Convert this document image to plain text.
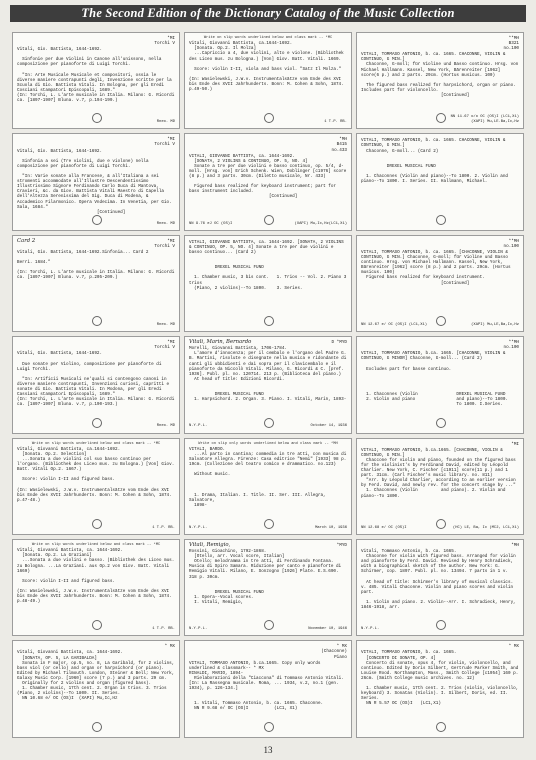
The Second Edition of the Dictionary Catalog of the Music Collection
*MI
Torchi V
Vitali, Gio. Battista, 1644-1692.

Sinfonie per due Violini in Canone all'unissono, nella composizione per pianoforte di Luigi Torchi.

"In: Arte Musicale Musicale et compositori, ossia le diverse maniere contrapunti degli, Invenzione scritte per la Scuola di Gio. Battista Vitali. In Bologna, per gli Eredi Cosciani stampatori Episcopali, 1689."
(In: Torchi, L. L'arte musicale in Italia. Milano: G. Ricordi ca. [1897-1907] Bluna. v.7, p.194-199.)
Rneo. MD
Write on slip words underlined below and class mark -- *MC
Vitali, Giovanni Battista, ca.1644-1692.
[Sonata. Op.2. Il Molza]
...Capriccio a 4, due violini, alto e violone. (Bibliothek des Liceo mus. zu Bologna.) [Von] Giov. Batt. Vitali. 1669.

Score: violin I-II, viola and bass viol. "Satz Il Molza."

(In: Wasielewski, J.W.v. Instrumentalsätze vom Ende des XVI bis Ende des XVII Jahrhunderts. Bonn: M. Cohen & Sohn, 1874. p.49-50.)
1 T.P. RB.
**MH
B321
no.100
VITALI, TOMMASO ANTONIO, b. ca. 1665. CHACONNE, VIOLIN & CONTINUO, G MIN.]
Chaconne, G-moll; für Violine und Basso continuo. Hrsg. von Michael Hallmann. Kassel, New York, Bärenreiter [1962] score(6 p.) and 2 parts. 29cm. (Hortus musicus. 100)

The figured bass realized for harpsichord, organ or piano. Includes part for violoncello.
[Continued]
NN 11.67 o/o OC (OS)I (LC1,X1)
(XAPI) Mu,LE.Ba,Ic,Hz
*MI
Torchi V
Vitali, Gio. Battista, 1644-1692.

Sinfonia a sei (Tre violini, due e violone) nella composizione per pianoforte di Luigi Torchi.

"In: Varie sonate alla Francese, & all'Italiana a sei stromenti accommodate all'Illustre Descendentissimo Illustrissimo Signore Ferdinando Carlo Duca di Mantova, Cravieri, &c. da Giov. Battista Vitali Maestro di Capella dell'Altezza Serenissima del Sig. Duca di Modena, & Accademico Filarmonico. Opera Vndecima. In Venetia, per Gio. Sala, 1684."
[Continued]
Rneo. MD
*MH
B415
no.433
VITALI, GIOVANNI BATTISTA, ca. 1644-1692.
[SONATA, 2 VIOLINS & CONTINUO, OP. 5, NO. 4]
Sonate a tre per due violini e basso continuo, op. 5/4, d-moll. [Hrsg. von] Erich Schenk. Wien, Doblinger [c1976] score (8 p.) and 3 parts. 30cm. (Diletto musicale, Nr. 433)

Figured bass realized for keyboard instrument; part for bass instrument included.
[Continued]
NN 9.76 eJ OC (OS)I	(XAPI) Mu,Ic,Hz(LC1,X1)
VITALI, TOMMASO ANTONIO, b. ca. 1665. CHACONNE, VIOLIN & CONTINUO, G MIN.]
Chaconne, G-moll... (Card 2)

DREXEL MUSICAL FUND

1. Chaconnes (Violin and piano)--To 1800. 2. Violin and piano--To 1800. I. Series. II. Hallmann, Michael.
Card 2	*MI
Torchi V
Vitali, Gio. Battista, 1644-1692.Sinfonia... Card 2

Berri. 1684."

(In: Torchi, L. L'arte musicale in Italia. Milano: G. Ricordi ca. [1897-1907] Bluna. v.7, p.205-209.)
Rneo. MD
VITALI, GIOVANNI BATTISTA, ca. 1644-1692. [SONATA, 2 VIOLINS & CONTINUO, OP. 5, NO. 4] Sonate a tre per due violini e basso continuo... (Card 2)

DREXEL MUSICAL FUND

1. Chamber music, 3 bis cont.   1. Trios -- Vol. 2. Piano 3 trios
(Piano, 2 violins)--To 1800.    3. Series.
**MH
no.100
VITALI, TOMMASO ANTONIO, b. ca. 1665. [CHACONNE, VIOLIN & CONTINUO, G MIN.] Chaconne, G-moll; für Violine und Basso continuo. Hrsg. von Michael Hallmann. Kassel, New York, Bärenreiter [1962] score (8 p.) and 2 parts. 29cm. (Hortus musicus. 100)
Figured bass realized for keyboard instrument.
[Continued]
NN 12.67 e/ OC (OS)I (LC1,X1)	(XAPI) Mu,LE,Ba,Ic,Hz
*MI
Torchi V
Vitali, Gio. Battista, 1644-1692.

Due sonate per Violino, composizione per pianoforte di Luigi Torchi.

"In: Artificii Musicali ne'quali si contengono canoni in diverse maniere contrapunti, Invenzioni curiosi, capritti e sonate di Gio. Battista Vitali. In Modona, per gli Eredi Cassiani stampatori Episcopali, 1689."
(In: Torchi, L. L'arte musicale in Italia. Milano: G. Ricordi ca. [1897-1907] Bluna. v.7, p.190-193.)
Rneo. MD
Vitali, Marin, Bernardo	D *MYD
Morelli, Giovanni Battista, 1706-1784.
L'amore d'innocenza; per il cembalo e l'organo del Padre G. B. Martini, risolute e disegnate nella musica e ridondante di canti gli ubbidienti e dai sopra per il clavicembalo e il pianoforte da Niccolò Vitali. Milano, G. Ricordi & C. [pref. 1936]. Publ. pl. no. 120714. 213 p. (Biblioteca del piano.)
At head of title: Edizioni Ricordi.

DREXEL MUSICAL FUND
1. Harpsichord. 2. Organ. 3. Piano. I. Vitali, Marin, 1893-
N.Y.P.L.	October 14, 1936
**MH
no.100
VITALI, TOMMASO ANTONIO, b.ca. 1665. [CHACONNE, VIOLIN & CONTINUO, G MINOR] Chaconne, G-moll... (Card 2)

Excludes part for basse continuo.

1. Chaconnes (Violin               DREXEL MUSICAL FUND
2. Violin and piano                and piano)--To 1800.
To 1800. I.Series.
Write on slip words underlined below and class mark -- *MC
Vitali, Giovanni Battista, ca.1644-1692.
[Sonata. Op.2. Selection]
...Sonata a due violini col suo basso continuo per l'organo. (Bibliothek des Liceo mus. zu Bologna.) [Von] Giov. Batt. Vitali Op.2. 1667.)

Score: violin I-II and figured bass.

(In: Wasielewski, J.W.v. Instrumentalsätze vom Ende des XVI bis Ende des XVII Jahrhunderts. Bonn: M. Cohen & Sohn, 1874. p.47-48.)
1 T.P. RB.
Write on slip only words underlined below and class mark -- *MH
VITALI, BARDO.
...Al parto in cantina; commedia in tre atti, con musica di Salvatore Allegra. Firenze: Casa editrice "Nemi" [1933] 98 p. 19cm. (Collezione del teatro comico e drammatico. no.123)

Without music.

1. Drama, Italian. I. Title. II. Ser. III. Allegra, Salvatore,
1898-
N.Y.P.L.	March 10, 1936
*MI
VITALI, TOMMASO ANTONIO, b.ca.1665. [CHACONNE, VIOLIN & CONTINUO, G MIN.]
Chaccone for violin and piano, founded on the figured bass for the violinist's by Ferdinand David, edited by Léopold Charlier. New York, C. Fischer [c1911] score(11 p.) and 1 part. 31cm. (Carl Fischer's music library. no. 811)
"Arr. by Léopold Charlier, according to an earlier version by Ferd. David, and newly rev. for the concert stage by ..."
1. Chaconnes (Violin         and piano). 2. Violin and piano--To 1800.
NN 12.68 e/ OC (OS)I	(HC) LE, Ba, Ic (MC2, LC1,X1)
Write on slip words underlined below and class mark -- *MC
Vitali, Giovanni Battista, ca. 1644-1692.
[Sonata. Op.2. La Graziani]
...Sonata a due violini e basso. (Bibliothek des Liceo mus. zu Bologna. ...La Graziani. aus Op.2 von Giov. Batt. Vitali 1669)

Score: violin I-II and figured bass.

(In: Wasielewski, J.W.v. Instrumentalsätze vom Ende des XVI bis Ende des XVII Jahrhunderts. Bonn: M. Cohen & Sohn, 1874. p.48-49.)
1 T.P. RB.
Vitali, Remigio,	*MYD
Rossini, Gioachino, 1792-1868.
[Otello, arr. Vocal score, Italian]
Otello; melodramma in tre atti, di Ferdinando Fontana. Musica di Spiro Samara. Riduzione per canto e pianoforte di Remigio Vitali. Milano, E. Sonzogno [1926] Plate. E.S.690. 318 p. 30cm.

DREXEL MUSICAL FUND
1. Opera--Vocal scores.
I. Vitali, Remigio,
N.Y.P.L.	November 10, 1946
*MH
Vitali, Tommaso Antonio, b. ca. 1665.
Chaconne for violin with figured bass. Arranged for violin and pianoforte by Ferd. David. Revised by Henry Schradieck, with a biographical sketch of the author. New York: G. Schirmer, cop. 1897. Publ. pl. no. 13494. 7 parts in 1 v.

At head of title: Schirmer's library of musical classics. v. 485. Vitali Chaconne. Violin and piano scores and violin part.

1. Violin and piano. 2. Violin--Arr. I. Schradieck, Henry, 1846-1918, arr.
N.Y.P.L.
* MX
Vitali, Giovanni Battista, ca. 1644-1692.
[SONATA, OP. 5, LA GARIBALDA]
Sonata in F major, op.5, no. 8, La Garibald, for 2 violins, bass viol (or cello) and organ or harpsichord (or piano). Edited by Michael Tilmouth. London, Steiner & Bell; New York, Galaxy Music Corp. [1960] score (7 p.) and 3 parts. 29 cm.
Originally for 2 violins and organ (figured bass).
1. Chamber music, 17th cent. 2. Organ in trios. 3. Trios (Piano, 2 violins)--To 1800. II. Series.
NN 10.68 e/ OC (OS)I  (XAPI) Mu,Ic,Hz
* MX
(Chaconne)
Piano
VITALI, TOMMASO ANTONIO, b.ca.1665. Copy only words underlined & classmark-- * MX
RINALDI, MARIO, 1894-
Rielaborazioni della "Ciaccona" di Tommaso Antonio Vitali. [In: La Rassegna musicale. Roma, ... 1934, v.2, no.1 (gen. 1934), p. 126-134.]

1. Vitali, Tommaso Antonio, b. ca. 1665. Chaconne.
NN R 9.68 e/ OC (OS)I          (LC1, X1)
* MX
VITALI, TOMMASO ANTONIO, b. ca. 1665.
[CONCERTO DI SONATE, OP. 4]
Concerto di sonate, opus 4, for violin, violoncello, and continuo. Edited by Doris Silbert, Gertrude Parker Smith, and Louise Rood. Northampton, Mass., Smith College [c1954] 160 p. 26cm. (Smith College music archives. no. 12)

1. Chamber music, 17th cent. 2. Trios (violin, violoncello, keyboard) 3. Sonatas (Violin). I. Silbert, Doris, ed. II. Series.
NN R 5.57 OC (OS)I   (LC1,X1)
13
